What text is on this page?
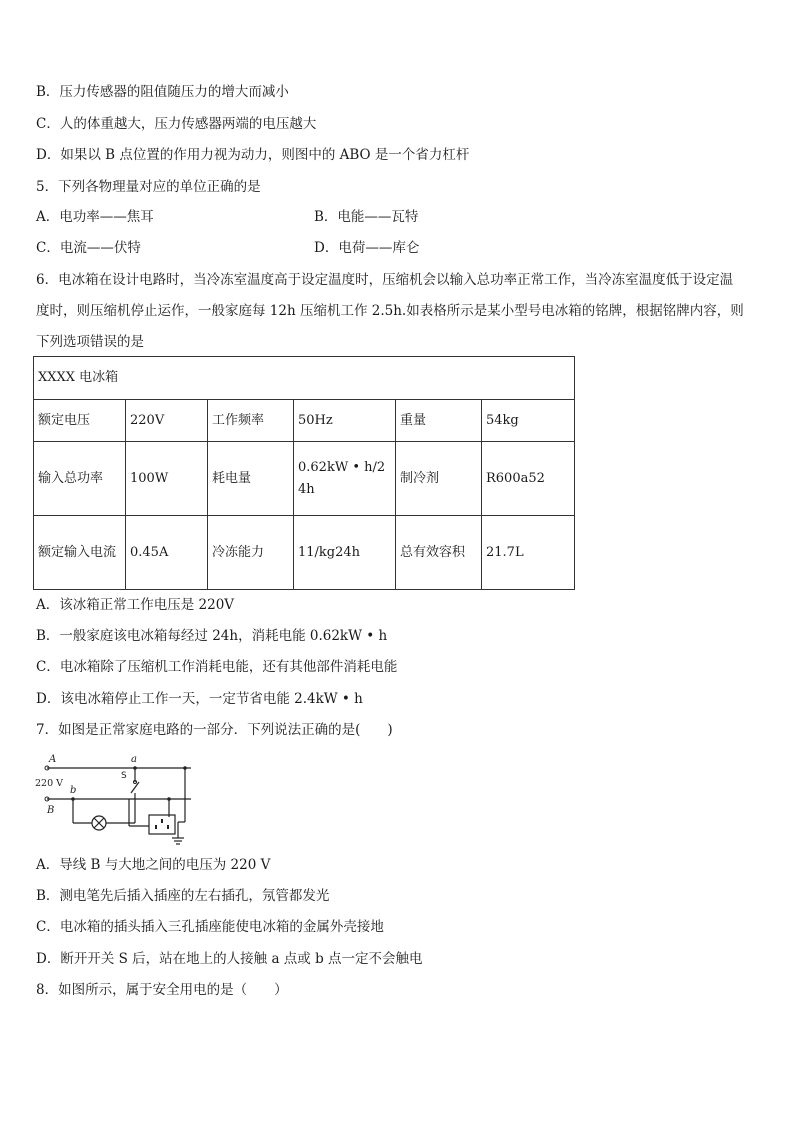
B．压力传感器的阻值随压力的增大而减小
C．人的体重越大，压力传感器两端的电压越大
D．如果以 B 点位置的作用力视为动力，则图中的 ABO 是一个省力杠杆
5．下列各物理量对应的单位正确的是
A．电功率——焦耳	B．电能——瓦特
C．电流——伏特	D．电荷——库仑
6．电冰箱在设计电路时，当冷冻室温度高于设定温度时，压缩机会以输入总功率正常工作，当冷冻室温度低于设定温
度时，则压缩机停止运作，一般家庭每 12h 压缩机工作 2.5h.如表格所示是某小型号电冰箱的铭牌，根据铭牌内容，则
下列选项错误的是
XXXX 电冰箱					
额定电压	220V	工作频率	50Hz	重量	54kg
输入总功率	100W	耗电量	0.62kW • h/24h	制冷剂	R600a52
额定输入电流	0.45A	冷冻能力	11/kg24h	总有效容积	21.7L
A．该冰箱正常工作电压是 220V
B．一般家庭该电冰箱每经过 24h，消耗电能 0.62kW • h
C．电冰箱除了压缩机工作消耗电能，还有其他部件消耗电能
D．该电冰箱停止工作一天，一定节省电能 2.4kW • h
7．如图是正常家庭电路的一部分．下列说法正确的是(　　)
A
B
a
b
S
220 V
A．导线 B 与大地之间的电压为 220 V
B．测电笔先后插入插座的左右插孔，氖管都发光
C．电冰箱的插头插入三孔插座能使电冰箱的金属外壳接地
D．断开开关 S 后，站在地上的人接触 a 点或 b 点一定不会触电
8．如图所示，属于安全用电的是（　　）
